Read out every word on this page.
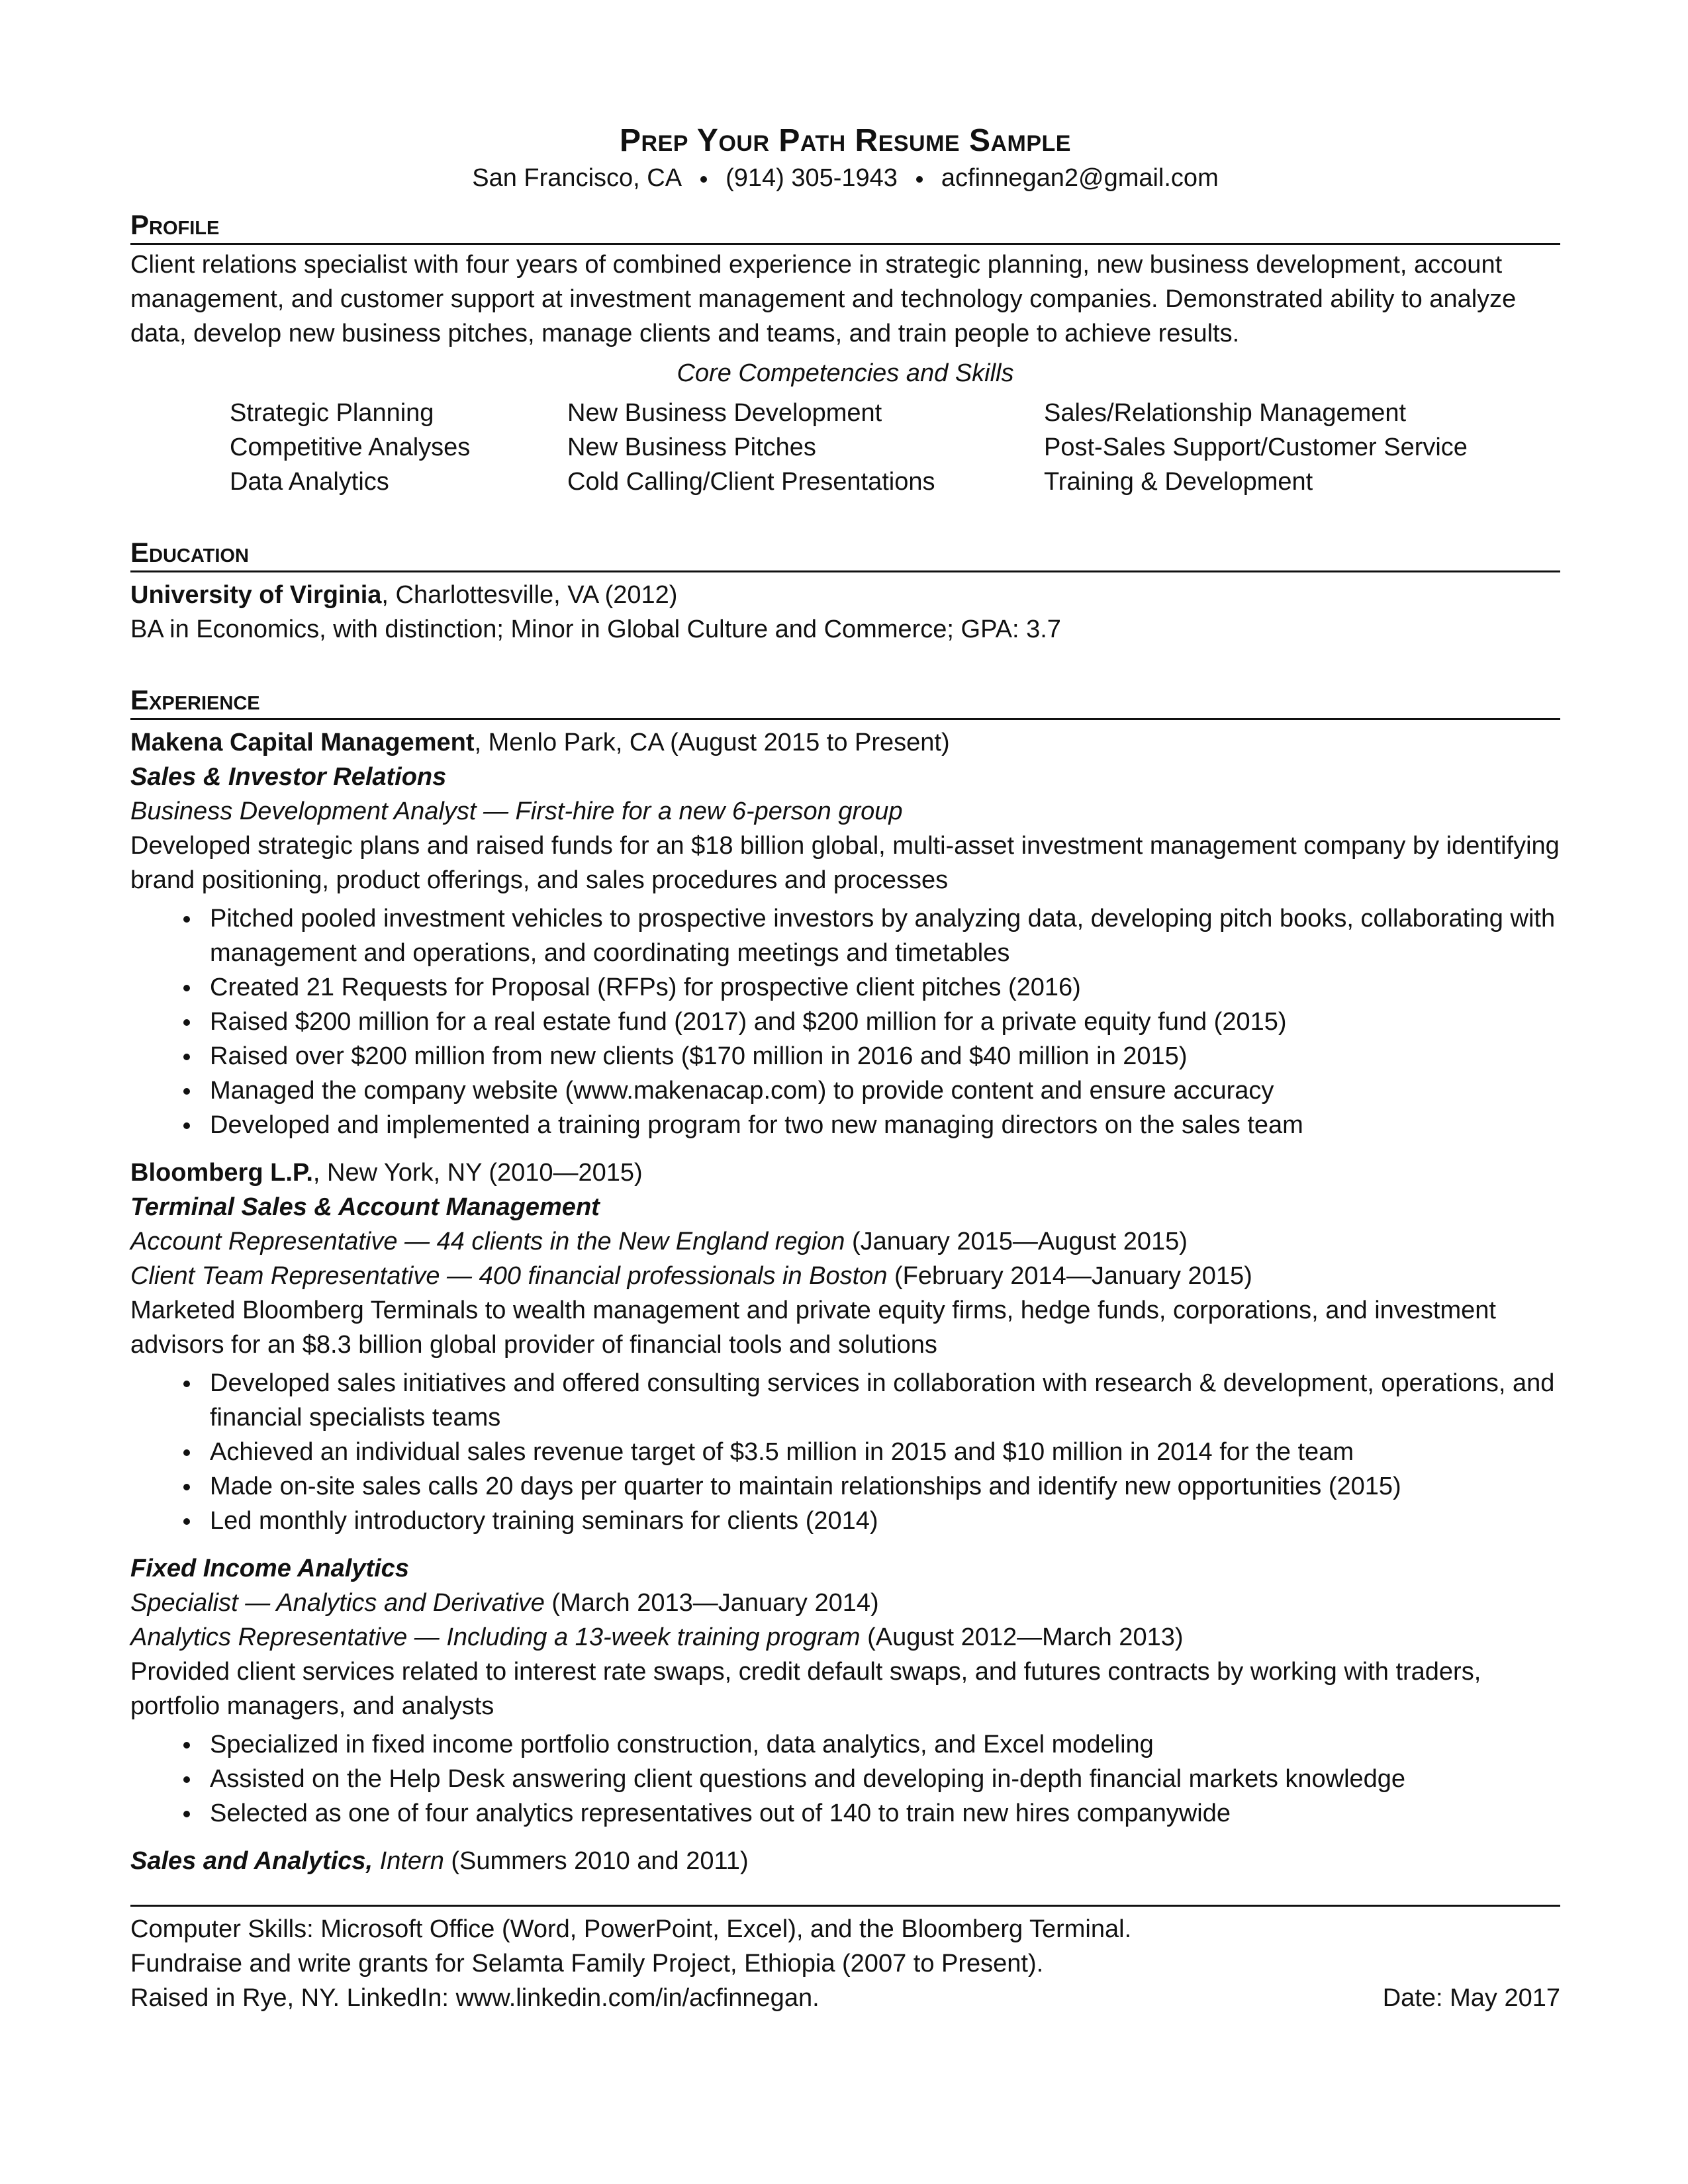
Prep Your Path Resume Sample
San Francisco, CA (914) 305-1943 acfinnegan2@gmail.com
Profile

Client relations specialist with four years of combined experience in strategic planning, new business development, account management, and customer support at investment management and technology companies. Demonstrated ability to analyze data, develop new business pitches, manage clients and teams, and train people to achieve results.

Core Competencies and Skills

Strategic Planning	New Business Development	Sales/Relationship Management
Competitive Analyses	New Business Pitches	Post-Sales Support/Customer Service
Data Analytics	Cold Calling/Client Presentations	Training & Development
Education

University of Virginia, Charlottesville, VA (2012)

BA in Economics, with distinction; Minor in Global Culture and Commerce; GPA: 3.7

Experience

Makena Capital Management, Menlo Park, CA (August 2015 to Present)

Sales & Investor Relations

Business Development Analyst — First-hire for a new 6-person group

Developed strategic plans and raised funds for an $18 billion global, multi-asset investment management company by identifying brand positioning, product offerings, and sales procedures and processes

Pitched pooled investment vehicles to prospective investors by analyzing data, developing pitch books, collaborating with management and operations, and coordinating meetings and timetables
Created 21 Requests for Proposal (RFPs) for prospective client pitches (2016)
Raised $200 million for a real estate fund (2017) and $200 million for a private equity fund (2015)
Raised over $200 million from new clients ($170 million in 2016 and $40 million in 2015)
Managed the company website (www.makenacap.com) to provide content and ensure accuracy
Developed and implemented a training program for two new managing directors on the sales team

Bloomberg L.P., New York, NY (2010—2015)

Terminal Sales & Account Management

Account Representative — 44 clients in the New England region (January 2015—August 2015)

Client Team Representative — 400 financial professionals in Boston (February 2014—January 2015)

Marketed Bloomberg Terminals to wealth management and private equity firms, hedge funds, corporations, and investment advisors for an $8.3 billion global provider of financial tools and solutions

Developed sales initiatives and offered consulting services in collaboration with research & development, operations, and financial specialists teams
Achieved an individual sales revenue target of $3.5 million in 2015 and $10 million in 2014 for the team
Made on-site sales calls 20 days per quarter to maintain relationships and identify new opportunities (2015)
Led monthly introductory training seminars for clients (2014)

Fixed Income Analytics

Specialist — Analytics and Derivative (March 2013—January 2014)

Analytics Representative — Including a 13-week training program (August 2012—March 2013)

Provided client services related to interest rate swaps, credit default swaps, and futures contracts by working with traders, portfolio managers, and analysts

Specialized in fixed income portfolio construction, data analytics, and Excel modeling
Assisted on the Help Desk answering client questions and developing in-depth financial markets knowledge
Selected as one of four analytics representatives out of 140 to train new hires companywide

Sales and Analytics, Intern (Summers 2010 and 2011)

Computer Skills: Microsoft Office (Word, PowerPoint, Excel), and the Bloomberg Terminal.

Fundraise and write grants for Selamta Family Project, Ethiopia (2007 to Present).

Raised in Rye, NY. LinkedIn: www.linkedin.com/in/acfinnegan.	Date: May 2017
